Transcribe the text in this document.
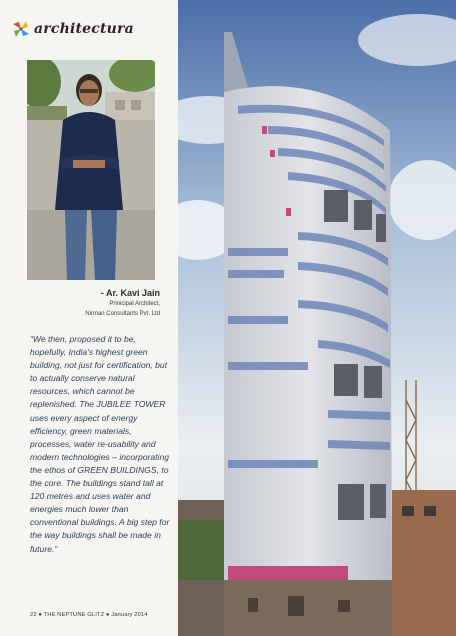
architectura
- Ar. Kavi Jain
Prinicipal Architect,
Nirman Consultants Pvt. Ltd
“We then, proposed it to be, hopefully, India's highest green building, not just for certification, but to actually conserve natural resources, which cannot be replenished. The JUBILEE TOWER uses every aspect of energy efficiency, green materials, processes, water re-usability and modern technologies – incorporating the ethos of GREEN BUILDINGS, to the core. The buildings stand tall at 120 metres and uses water and energies much lower than conventional buildings. A big step for the way buildings shall be made in future.”
22 ● THE NEPTUNE GLITZ ● January 2014
